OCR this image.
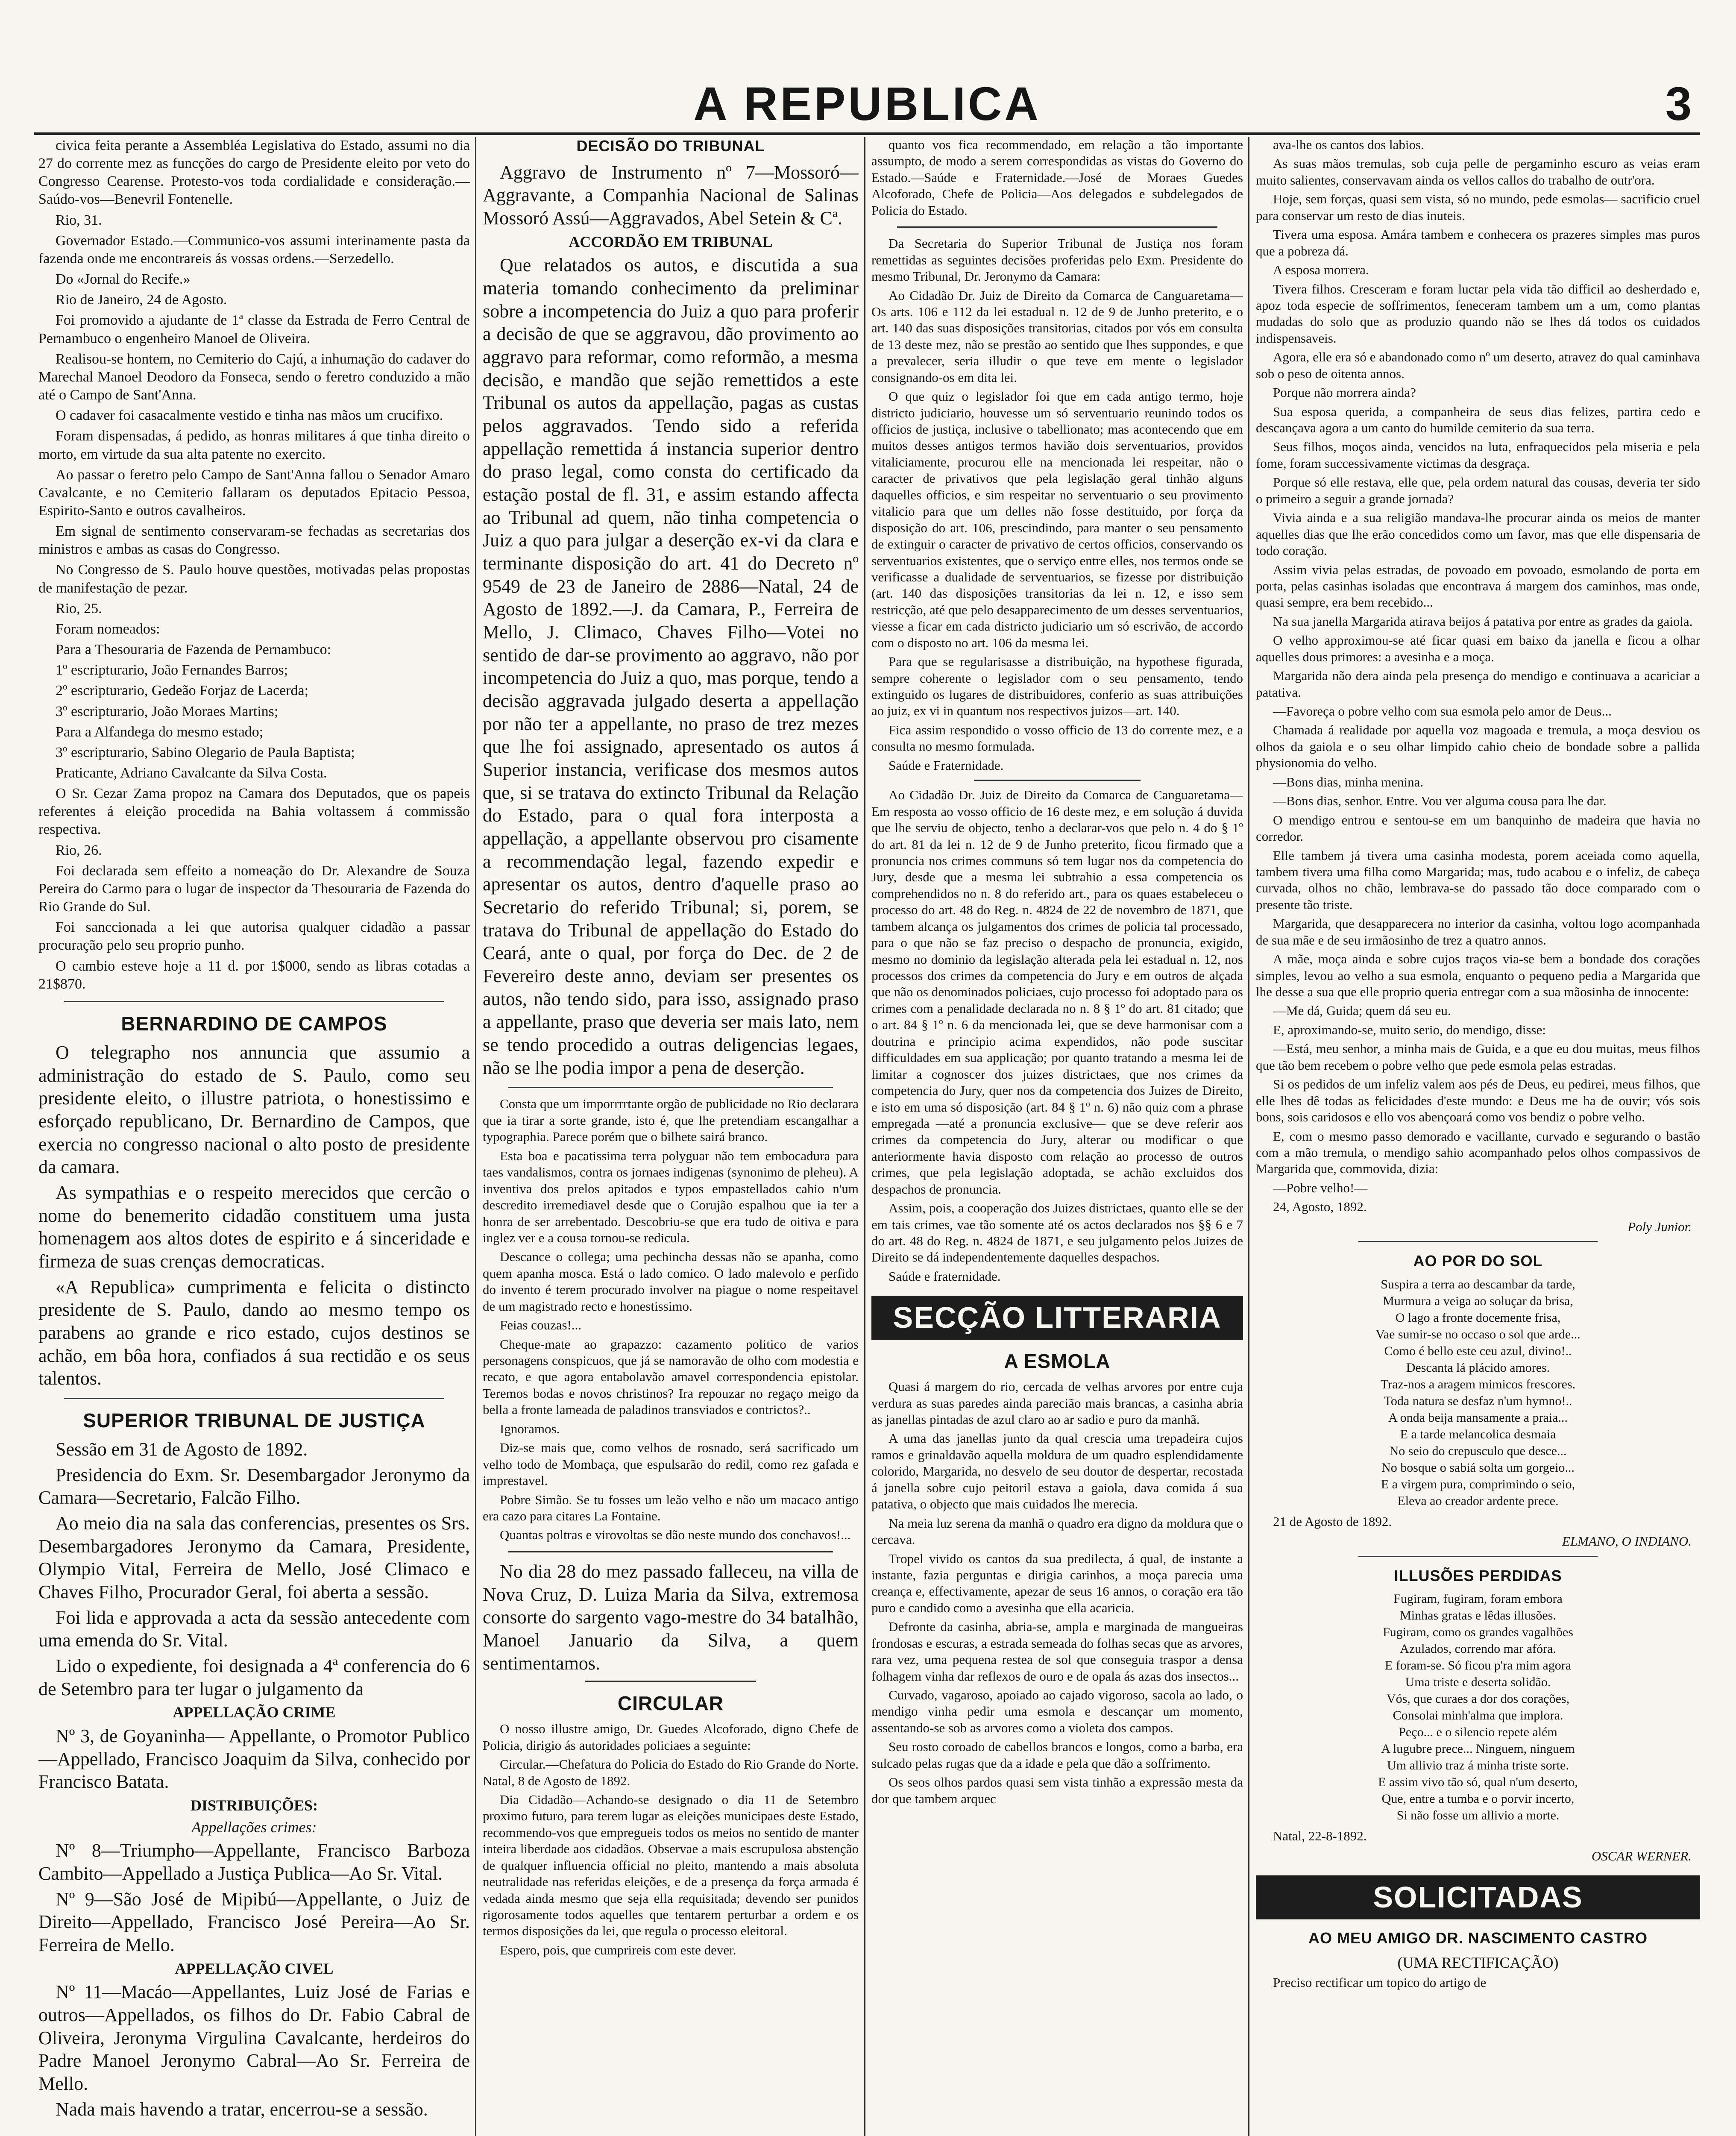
A REPUBLICA	3

civica feita perante a Assembléa Legislativa do Estado, assumi no dia 27 do corrente mez as funcções do cargo de Presidente eleito por veto do Congresso Cearense. Protesto-vos toda cordialidade e consideração.—Saúdo-vos—Benevril Fontenelle.

Rio, 31.

Governador Estado.—Communico-vos assumi interinamente pasta da fazenda onde me encontrareis ás vossas ordens.—Serzedello.

Do «Jornal do Recife.»

Rio de Janeiro, 24 de Agosto.

Foi promovido a ajudante de 1ª classe da Estrada de Ferro Central de Pernambuco o engenheiro Manoel de Oliveira.

Realisou-se hontem, no Cemiterio do Cajú, a inhumação do cadaver do Marechal Manoel Deodoro da Fonseca, sendo o feretro conduzido a mão até o Campo de Sant'Anna.

O cadaver foi casacalmente vestido e tinha nas mãos um crucifixo.

Foram dispensadas, á pedido, as honras militares á que tinha direito o morto, em virtude da sua alta patente no exercito.

Ao passar o feretro pelo Campo de Sant'Anna fallou o Senador Amaro Cavalcante, e no Cemiterio fallaram os deputados Epitacio Pessoa, Espirito-Santo e outros cavalheiros.

Em signal de sentimento conservaram-se fechadas as secretarias dos ministros e ambas as casas do Congresso.

No Congresso de S. Paulo houve questões, motivadas pelas propostas de manifestação de pezar.

Rio, 25.

Foram nomeados:

Para a Thesouraria de Fazenda de Pernambuco:

1º escripturario, João Fernandes Barros;

2º escripturario, Gedeão Forjaz de Lacerda;

3º escripturario, João Moraes Martins;

Para a Alfandega do mesmo estado;

3º escripturario, Sabino Olegario de Paula Baptista;

Praticante, Adriano Cavalcante da Silva Costa.

O Sr. Cezar Zama propoz na Camara dos Deputados, que os papeis referentes á eleição procedida na Bahia voltassem á commissão respectiva.

Rio, 26.

Foi declarada sem effeito a nomeação do Dr. Alexandre de Souza Pereira do Carmo para o lugar de inspector da Thesouraria de Fazenda do Rio Grande do Sul.

Foi sanccionada a lei que autorisa qualquer cidadão a passar procuração pelo seu proprio punho.

O cambio esteve hoje a 11 d. por 1$000, sendo as libras cotadas a 21$870.

BERNARDINO DE CAMPOS

O telegrapho nos annuncia que assumio a administração do estado de S. Paulo, como seu presidente eleito, o illustre patriota, o honestissimo e esforçado republicano, Dr. Bernardino de Campos, que exercia no congresso nacional o alto posto de presidente da camara.

As sympathias e o respeito merecidos que cercão o nome do benemerito cidadão constituem uma justa homenagem aos altos dotes de espirito e á sinceridade e firmeza de suas crenças democraticas.

«A Republica» cumprimenta e felicita o distincto presidente de S. Paulo, dando ao mesmo tempo os parabens ao grande e rico estado, cujos destinos se achão, em bôa hora, confiados á sua rectidão e os seus talentos.

SUPERIOR TRIBUNAL DE JUSTIÇA

Sessão em 31 de Agosto de 1892.

Presidencia do Exm. Sr. Desembargador Jeronymo da Camara—Secretario, Falcão Filho.

Ao meio dia na sala das conferencias, presentes os Srs. Desembargadores Jeronymo da Camara, Presidente, Olympio Vital, Ferreira de Mello, José Climaco e Chaves Filho, Procurador Geral, foi aberta a sessão.

Foi lida e approvada a acta da sessão antecedente com uma emenda do Sr. Vital.

Lido o expediente, foi designada a 4ª conferencia do 6 de Setembro para ter lugar o julgamento da

APPELLAÇÃO CRIME

Nº 3, de Goyaninha— Appellante, o Promotor Publico—Appellado, Francisco Joaquim da Silva, conhecido por Francisco Batata.

DISTRIBUIÇÕES:
Appellações crimes:

Nº 8—Triumpho—Appellante, Francisco Barboza Cambito—Appellado a Justiça Publica—Ao Sr. Vital.

Nº 9—São José de Mipibú—Appellante, o Juiz de Direito—Appellado, Francisco José Pereira—Ao Sr. Ferreira de Mello.

APPELLAÇÃO CIVEL

Nº 11—Macáo—Appellantes, Luiz José de Farias e outros—Appellados, os filhos do Dr. Fabio Cabral de Oliveira, Jeronyma Virgulina Cavalcante, herdeiros do Padre Manoel Jeronymo Cabral—Ao Sr. Ferreira de Mello.

Nada mais havendo a tratar, encerrou-se a sessão.

DECISÃO DO TRIBUNAL

Aggravo de Instrumento nº 7—Mossoró—Aggravante, a Companhia Nacional de Salinas Mossoró Assú—Aggravados, Abel Setein & Cª.

ACCORDÃO EM TRIBUNAL

Que relatados os autos, e discutida a sua materia tomando conhecimento da preliminar sobre a incompetencia do Juiz a quo para proferir a decisão de que se aggravou, dão provimento ao aggravo para reformar, como reformão, a mesma decisão, e mandão que sejão remettidos a este Tribunal os autos da appellação, pagas as custas pelos aggravados. Tendo sido a referida appellação remettida á instancia superior dentro do praso legal, como consta do certificado da estação postal de fl. 31, e assim estando affecta ao Tribunal ad quem, não tinha competencia o Juiz a quo para julgar a deserção ex-vi da clara e terminante disposição do art. 41 do Decreto nº 9549 de 23 de Janeiro de 2886—Natal, 24 de Agosto de 1892.—J. da Camara, P., Ferreira de Mello, J. Climaco, Chaves Filho—Votei no sentido de dar-se provimento ao aggravo, não por incompetencia do Juiz a quo, mas porque, tendo a decisão aggravada julgado deserta a appellação por não ter a appellante, no praso de trez mezes que lhe foi assignado, apresentado os autos á Superior instancia, verificase dos mesmos autos que, si se tratava do extincto Tribunal da Relação do Estado, para o qual fora interposta a appellação, a appellante observou pro cisamente a recommendação legal, fazendo expedir e apresentar os autos, dentro d'aquelle praso ao Secretario do referido Tribunal; si, porem, se tratava do Tribunal de appellação do Estado do Ceará, ante o qual, por força do Dec. de 2 de Fevereiro deste anno, deviam ser presentes os autos, não tendo sido, para isso, assignado praso a appellante, praso que deveria ser mais lato, nem se tendo procedido a outras deligencias legaes, não se lhe podia impor a pena de deserção.

Consta que um imporrrrtante orgão de publicidade no Rio declarara que ia tirar a sorte grande, isto é, que lhe pretendiam escangalhar a typographia. Parece porém que o bilhete sairá branco.

Esta boa e pacatissima terra polyguar não tem embocadura para taes vandalismos, contra os jornaes indigenas (synonimo de pleheu). A inventiva dos prelos apitados e typos empastellados cahio n'um descredito irremediavel desde que o Corujão espalhou que ia ter a honra de ser arrebentado. Descobriu-se que era tudo de oitiva e para inglez ver e a cousa tornou-se redicula.

Descance o collega; uma pechincha dessas não se apanha, como quem apanha mosca. Está o lado comico. O lado malevolo e perfido do invento é terem procurado involver na piague o nome respeitavel de um magistrado recto e honestissimo.

Feias couzas!...

Cheque-mate ao grapazzo: cazamento politico de varios personagens conspicuos, que já se namoravão de olho com modestia e recato, e que agora entabolavão amavel correspondencia epistolar. Teremos bodas e novos christinos? Ira repouzar no regaço meigo da bella a fronte lameada de paladinos transviados e contrictos?..

Ignoramos.

Diz-se mais que, como velhos de rosnado, será sacrificado um velho todo de Mombaça, que espulsarão do redil, como rez gafada e imprestavel.

Pobre Simão. Se tu fosses um leão velho e não um macaco antigo era cazo para citares La Fontaine.

Quantas poltras e virovoltas se dão neste mundo dos conchavos!...

No dia 28 do mez passado falleceu, na villa de Nova Cruz, D. Luiza Maria da Silva, extremosa consorte do sargento vago-mestre do 34 batalhão, Manoel Januario da Silva, a quem sentimentamos.

CIRCULAR

O nosso illustre amigo, Dr. Guedes Alcoforado, digno Chefe de Policia, dirigio ás autoridades policiaes a seguinte:

Circular.—Chefatura do Policia do Estado do Rio Grande do Norte. Natal, 8 de Agosto de 1892.

Dia Cidadão—Achando-se designado o dia 11 de Setembro proximo futuro, para terem lugar as eleições municipaes deste Estado, recommendo-vos que empregueis todos os meios no sentido de manter inteira liberdade aos cidadãos. Observae a mais escrupulosa abstenção de qualquer influencia official no pleito, mantendo a mais absoluta neutralidade nas referidas eleições, e de a presença da força armada é vedada ainda mesmo que seja ella requisitada; devendo ser punidos rigorosamente todos aquelles que tentarem perturbar a ordem e os termos disposições da lei, que regula o processo eleitoral.

Espero, pois, que cumprireis com este dever.

quanto vos fica recommendado, em relação a tão importante assumpto, de modo a serem correspondidas as vistas do Governo do Estado.—Saúde e Fraternidade.—José de Moraes Guedes Alcoforado, Chefe de Policia—Aos delegados e subdelegados de Policia do Estado.

Da Secretaria do Superior Tribunal de Justiça nos foram remettidas as seguintes decisões proferidas pelo Exm. Presidente do mesmo Tribunal, Dr. Jeronymo da Camara:

Ao Cidadão Dr. Juiz de Direito da Comarca de Canguaretama—Os arts. 106 e 112 da lei estadual n. 12 de 9 de Junho preterito, e o art. 140 das suas disposições transitorias, citados por vós em consulta de 13 deste mez, não se prestão ao sentido que lhes suppondes, e que a prevalecer, seria illudir o que teve em mente o legislador consignando-os em dita lei.

O que quiz o legislador foi que em cada antigo termo, hoje districto judiciario, houvesse um só serventuario reunindo todos os officios de justiça, inclusive o tabellionato; mas acontecendo que em muitos desses antigos termos havião dois serventuarios, providos vitaliciamente, procurou elle na mencionada lei respeitar, não o caracter de privativos que pela legislação geral tinhão alguns daquelles officios, e sim respeitar no serventuario o seu provimento vitalicio para que um delles não fosse destituido, por força da disposição do art. 106, prescindindo, para manter o seu pensamento de extinguir o caracter de privativo de certos officios, conservando os serventuarios existentes, que o serviço entre elles, nos termos onde se verificasse a dualidade de serventuarios, se fizesse por distribuição (art. 140 das disposições transitorias da lei n. 12, e isso sem restricção, até que pelo desapparecimento de um desses serventuarios, viesse a ficar em cada districto judiciario um só escrivão, de accordo com o disposto no art. 106 da mesma lei.

Para que se regularisasse a distribuição, na hypothese figurada, sempre coherente o legislador com o seu pensamento, tendo extinguido os lugares de distribuidores, conferio as suas attribuições ao juiz, ex vi in quantum nos respectivos juizos—art. 140.

Fica assim respondido o vosso officio de 13 do corrente mez, e a consulta no mesmo formulada.

Saúde e Fraternidade.

Ao Cidadão Dr. Juiz de Direito da Comarca de Canguaretama—Em resposta ao vosso officio de 16 deste mez, e em solução á duvida que lhe serviu de objecto, tenho a declarar-vos que pelo n. 4 do § 1º do art. 81 da lei n. 12 de 9 de Junho preterito, ficou firmado que a pronuncia nos crimes communs só tem lugar nos da competencia do Jury, desde que a mesma lei subtrahio a essa competencia os comprehendidos no n. 8 do referido art., para os quaes estabeleceu o processo do art. 48 do Reg. n. 4824 de 22 de novembro de 1871, que tambem alcança os julgamentos dos crimes de policia tal processado, para o que não se faz preciso o despacho de pronuncia, exigido, mesmo no dominio da legislação alterada pela lei estadual n. 12, nos processos dos crimes da competencia do Jury e em outros de alçada que não os denominados policiaes, cujo processo foi adoptado para os crimes com a penalidade declarada no n. 8 § 1º do art. 81 citado; que o art. 84 § 1º n. 6 da mencionada lei, que se deve harmonisar com a doutrina e principio acima expendidos, não pode suscitar difficuldades em sua applicação; por quanto tratando a mesma lei de limitar a cognoscer dos juizes districtaes, que nos crimes da competencia do Jury, quer nos da competencia dos Juizes de Direito, e isto em uma só disposição (art. 84 § 1º n. 6) não quiz com a phrase empregada —até a pronuncia exclusive— que se deve referir aos crimes da competencia do Jury, alterar ou modificar o que anteriormente havia disposto com relação ao processo de outros crimes, que pela legislação adoptada, se achão excluidos dos despachos de pronuncia.

Assim, pois, a cooperação dos Juizes districtaes, quanto elle se der em tais crimes, vae tão somente até os actos declarados nos §§ 6 e 7 do art. 48 do Reg. n. 4824 de 1871, e seu julgamento pelos Juizes de Direito se dá independentemente daquelles despachos.

Saúde e fraternidade.

SECÇÃO LITTERARIA
A ESMOLA

Quasi á margem do rio, cercada de velhas arvores por entre cuja verdura as suas paredes ainda parecião mais brancas, a casinha abria as janellas pintadas de azul claro ao ar sadio e puro da manhã.

A uma das janellas junto da qual crescia uma trepadeira cujos ramos e grinaldavão aquella moldura de um quadro esplendidamente colorido, Margarida, no desvelo de seu doutor de despertar, recostada á janella sobre cujo peitoril estava a gaiola, dava comida á sua patativa, o objecto que mais cuidados lhe merecia.

Na meia luz serena da manhã o quadro era digno da moldura que o cercava.

Tropel vivido os cantos da sua predilecta, á qual, de instante a instante, fazia perguntas e dirigia carinhos, a moça parecia uma creança e, effectivamente, apezar de seus 16 annos, o coração era tão puro e candido como a avesinha que ella acaricia.

Defronte da casinha, abria-se, ampla e marginada de mangueiras frondosas e escuras, a estrada semeada do folhas secas que as arvores, rara vez, uma pequena restea de sol que conseguia traspor a densa folhagem vinha dar reflexos de ouro e de opala ás azas dos insectos...

Curvado, vagaroso, apoiado ao cajado vigoroso, sacola ao lado, o mendigo vinha pedir uma esmola e descançar um momento, assentando-se sob as arvores como a violeta dos campos.

Seu rosto coroado de cabellos brancos e longos, como a barba, era sulcado pelas rugas que da a idade e pela que dão a soffrimento.

Os seos olhos pardos quasi sem vista tinhão a expressão mesta da dor que tambem arquec

ava-lhe os cantos dos labios.

As suas mãos tremulas, sob cuja pelle de pergaminho escuro as veias eram muito salientes, conservavam ainda os vellos callos do trabalho de outr'ora.

Hoje, sem forças, quasi sem vista, só no mundo, pede esmolas— sacrificio cruel para conservar um resto de dias inuteis.

Tivera uma esposa. Amára tambem e conhecera os prazeres simples mas puros que a pobreza dá.

A esposa morrera.

Tivera filhos. Cresceram e foram luctar pela vida tão difficil ao desherdado e, apoz toda especie de soffrimentos, feneceram tambem um a um, como plantas mudadas do solo que as produzio quando não se lhes dá todos os cuidados indispensaveis.

Agora, elle era só e abandonado como nº um deserto, atravez do qual caminhava sob o peso de oitenta annos.

Porque não morrera ainda?

Sua esposa querida, a companheira de seus dias felizes, partira cedo e descançava agora a um canto do humilde cemiterio da sua terra.

Seus filhos, moços ainda, vencidos na luta, enfraquecidos pela miseria e pela fome, foram successivamente victimas da desgraça.

Porque só elle restava, elle que, pela ordem natural das cousas, deveria ter sido o primeiro a seguir a grande jornada?

Vivia ainda e a sua religião mandava-lhe procurar ainda os meios de manter aquelles dias que lhe erão concedidos como um favor, mas que elle dispensaria de todo coração.

Assim vivia pelas estradas, de povoado em povoado, esmolando de porta em porta, pelas casinhas isoladas que encontrava á margem dos caminhos, mas onde, quasi sempre, era bem recebido...

Na sua janella Margarida atirava beijos á patativa por entre as grades da gaiola.

O velho approximou-se até ficar quasi em baixo da janella e ficou a olhar aquelles dous primores: a avesinha e a moça.

Margarida não dera ainda pela presença do mendigo e continuava a acariciar a patativa.

—Favoreça o pobre velho com sua esmola pelo amor de Deus...

Chamada á realidade por aquella voz magoada e tremula, a moça desviou os olhos da gaiola e o seu olhar limpido cahio cheio de bondade sobre a pallida physionomia do velho.

—Bons dias, minha menina.

—Bons dias, senhor. Entre. Vou ver alguma cousa para lhe dar.

O mendigo entrou e sentou-se em um banquinho de madeira que havia no corredor.

Elle tambem já tivera uma casinha modesta, porem aceiada como aquella, tambem tivera uma filha como Margarida; mas, tudo acabou e o infeliz, de cabeça curvada, olhos no chão, lembrava-se do passado tão doce comparado com o presente tão triste.

Margarida, que desapparecera no interior da casinha, voltou logo acompanhada de sua mãe e de seu irmãosinho de trez a quatro annos.

A mãe, moça ainda e sobre cujos traços via-se bem a bondade dos corações simples, levou ao velho a sua esmola, enquanto o pequeno pedia a Margarida que lhe desse a sua que elle proprio queria entregar com a sua mãosinha de innocente:

—Me dá, Guida; quem dá seu eu.

E, aproximando-se, muito serio, do mendigo, disse:

—Está, meu senhor, a minha mais de Guida, e a que eu dou muitas, meus filhos que tão bem recebem o pobre velho que pede esmola pelas estradas.

Si os pedidos de um infeliz valem aos pés de Deus, eu pedirei, meus filhos, que elle lhes dê todas as felicidades d'este mundo: e Deus me ha de ouvir; vós sois bons, sois caridosos e ello vos abençoará como vos bendiz o pobre velho.

E, com o mesmo passo demorado e vacillante, curvado e segurando o bastão com a mão tremula, o mendigo sahio acompanhado pelos olhos compassivos de Margarida que, commovida, dizia:

—Pobre velho!—

24, Agosto, 1892.

Poly Junior.
AO POR DO SOL
Suspira a terra ao descambar da tarde,
Murmura a veiga ao soluçar da brisa,
O lago a fronte docemente frisa,
Vae sumir-se no occaso o sol que arde...
Como é bello este ceu azul, divino!..
Descanta lá plácido amores.
Traz-nos a aragem mimicos frescores.
Toda natura se desfaz n'um hymno!..
A onda beija mansamente a praia...
E a tarde melancolica desmaia
No seio do crepusculo que desce...
No bosque o sabiá solta um gorgeio...
E a virgem pura, comprimindo o seio,
Eleva ao creador ardente prece.

21 de Agosto de 1892.

ELMANO, O INDIANO.
ILLUSÕES PERDIDAS
Fugiram, fugiram, foram embora
Minhas gratas e lêdas illusões.
Fugiram, como os grandes vagalhões
Azulados, correndo mar afóra.
E foram-se. Só ficou p'ra mim agora
Uma triste e deserta solidão.
Vós, que curaes a dor dos corações,
Consolai minh'alma que implora.
Peço... e o silencio repete além
A lugubre prece... Ninguem, ninguem
Um allivio traz á minha triste sorte.
E assim vivo tão só, qual n'um deserto,
Que, entre a tumba e o porvir incerto,
Si não fosse um allivio a morte.

Natal, 22-8-1892.

OSCAR WERNER.
SOLICITADAS
AO MEU AMIGO DR. NASCIMENTO CASTRO
(UMA RECTIFICAÇÃO)

Preciso rectificar um topico do artigo de
